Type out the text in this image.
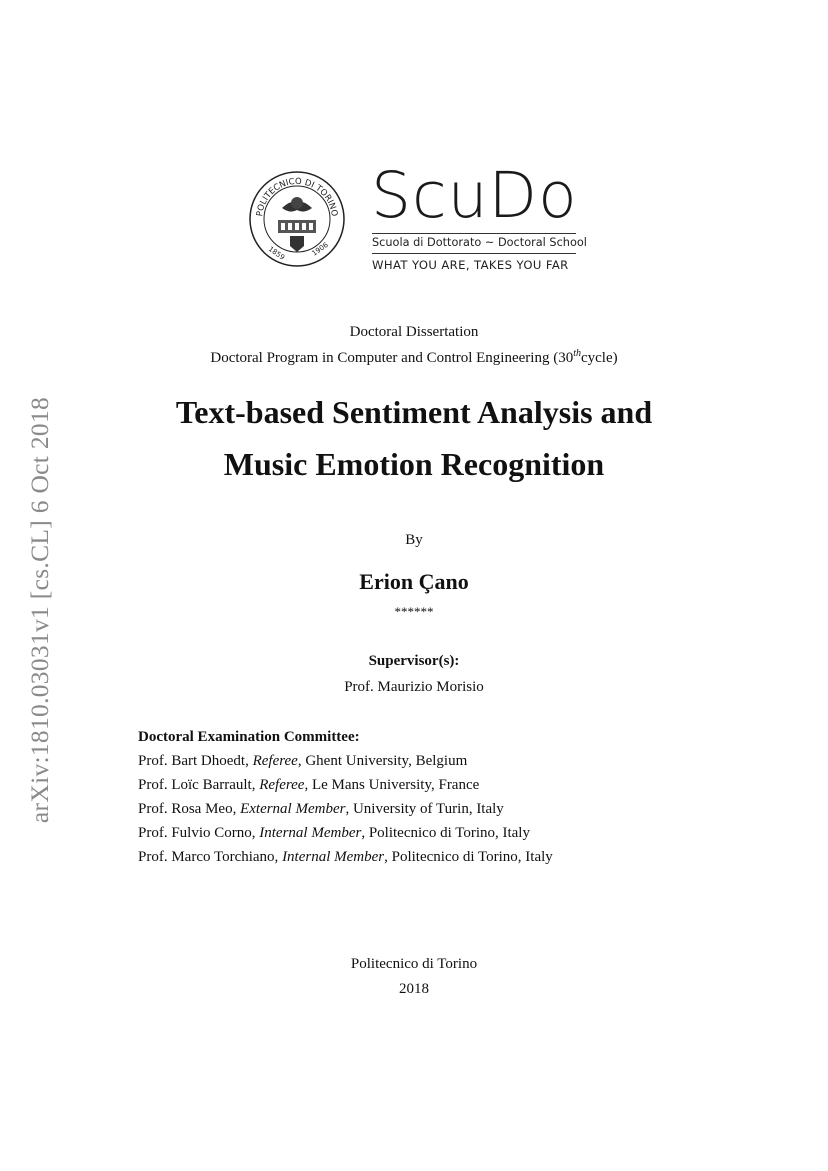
arXiv:1810.03031v1 [cs.CL] 6 Oct 2018
POLITECNICO DI TORINO
1859	1906
ScuDo
Scuola di Dottorato ~ Doctoral School
WHAT YOU ARE, TAKES YOU FAR
Doctoral Dissertation
Doctoral Program in Computer and Control Engineering (30thcycle)
Text-based Sentiment Analysis and
Music Emotion Recognition
By
Erion Çano
******
Supervisor(s):
Prof. Maurizio Morisio
Doctoral Examination Committee:
Prof. Bart Dhoedt, Referee, Ghent University, Belgium
Prof. Loïc Barrault, Referee, Le Mans University, France
Prof. Rosa Meo, External Member, University of Turin, Italy
Prof. Fulvio Corno, Internal Member, Politecnico di Torino, Italy
Prof. Marco Torchiano, Internal Member, Politecnico di Torino, Italy
Politecnico di Torino
2018
